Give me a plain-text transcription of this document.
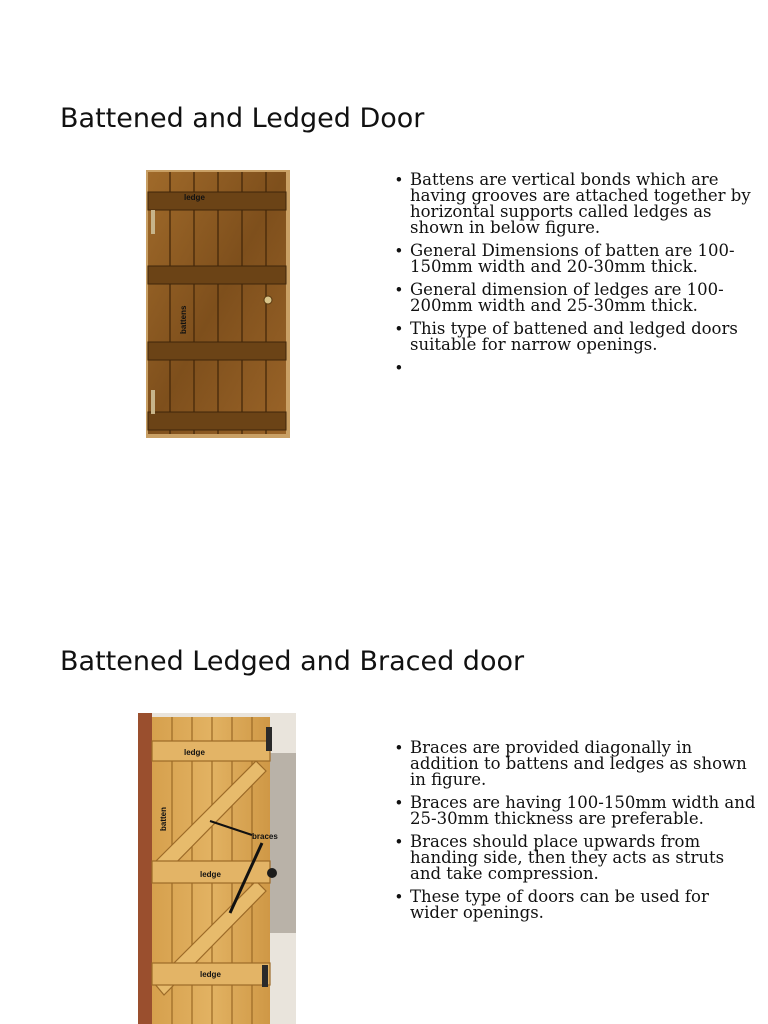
Battened and Ledged Door
ledge
battens
• Battens are vertical bonds which are having grooves are attached together by horizontal supports called ledges as shown in below figure.
• General Dimensions of batten are 100-150mm width and 20-30mm thick.
• General dimension of ledges are 100-200mm width and 25-30mm thick.
• This type of battened and ledged doors suitable for narrow openings.
•
Battened Ledged and Braced door
• Braces are provided diagonally in addition to battens and ledges as shown in figure.
• Braces are having 100-150mm width and 25-30mm thickness are preferable.
• Braces should place upwards from handing side, then they acts as struts and take compression.
• These type of doors can be used for wider openings.
ledge
batten
braces
ledge
ledge
